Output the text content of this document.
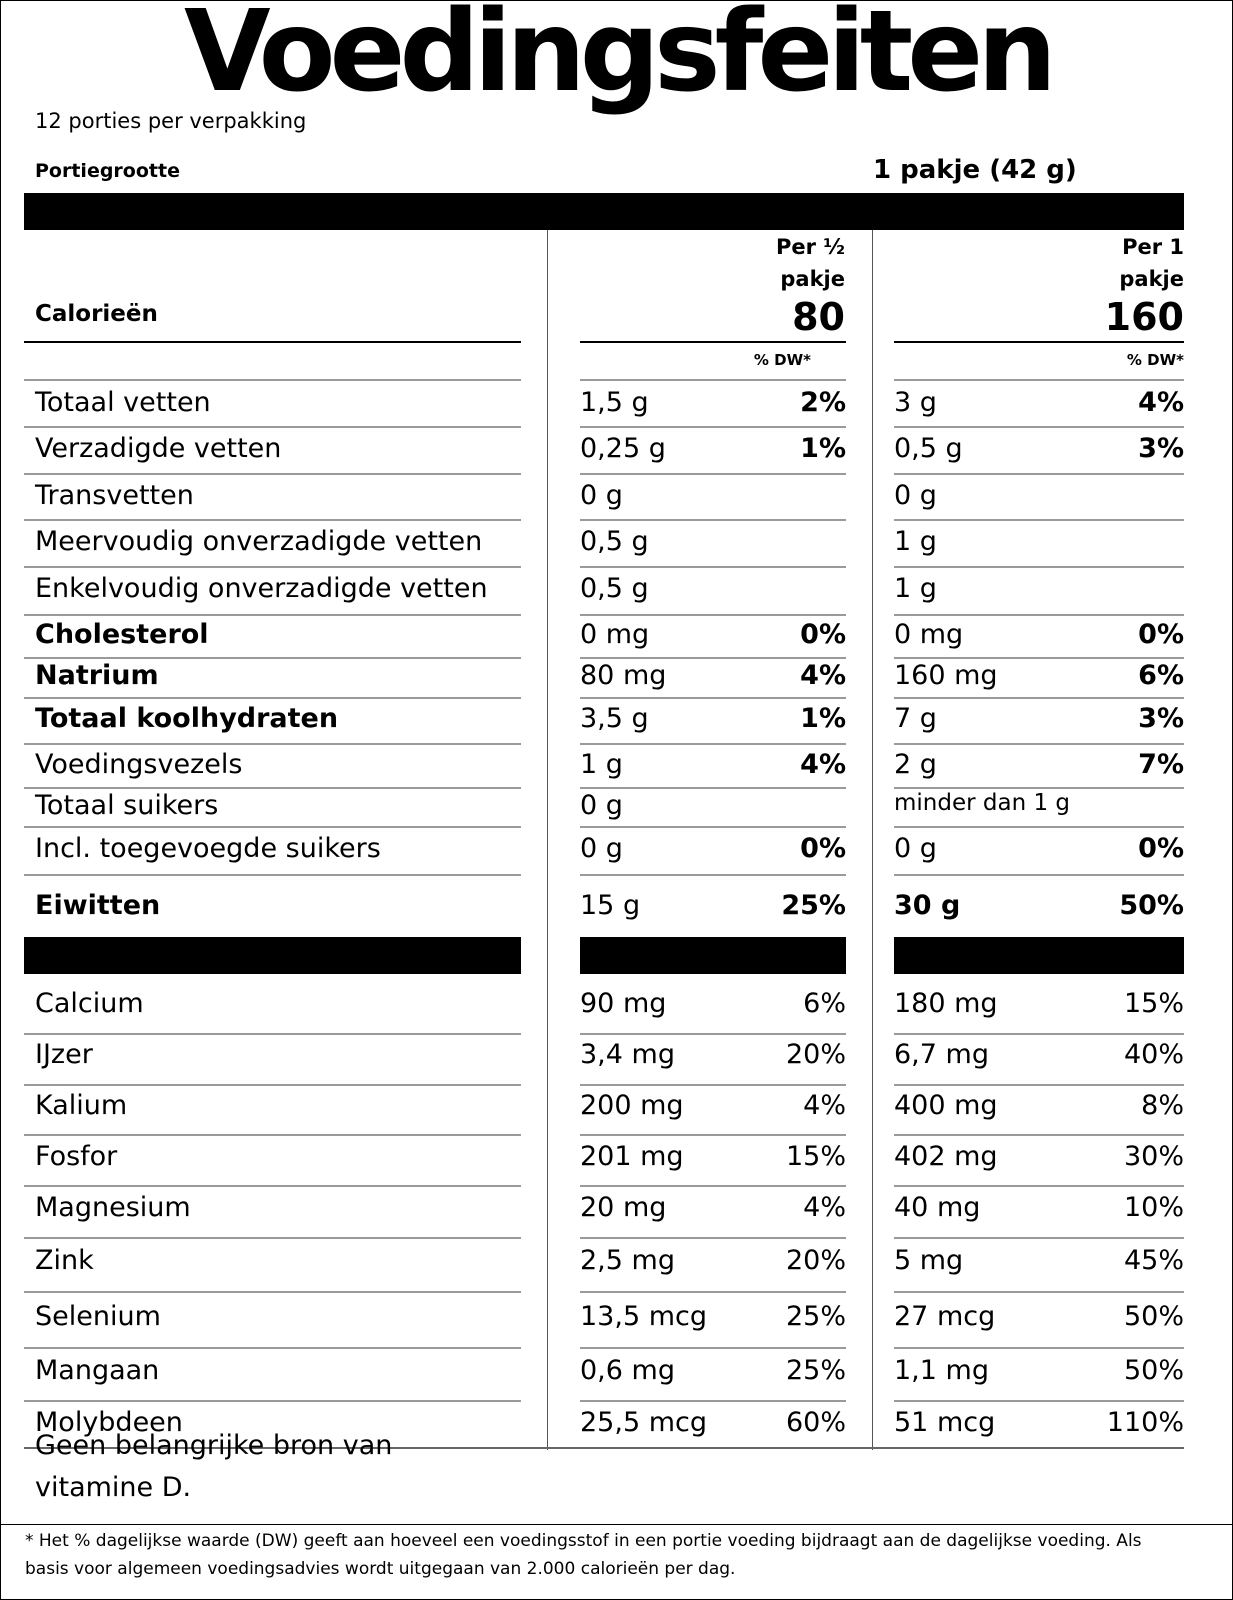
Voedingsfeiten
12 porties per verpakking
Portiegrootte	1 pakje (42 g)
Per ½
pakje
Per 1
pakje
Calorieën	80	160
% DW*	% DW*
Totaal vetten	1,5 g	2% 3 g	4%
Verzadigde vetten	0,25 g	1% 0,5 g	3%
Transvetten	0 g	0 g
Meervoudig onverzadigde vetten	0,5 g	1 g
Enkelvoudig onverzadigde vetten	0,5 g	1 g
Cholesterol	0 mg	0% 0 mg	0%
Natrium	80 mg	4% 160 mg	6%
Totaal koolhydraten	3,5 g	1% 7 g	3%
Voedingsvezels	1 g	4% 2 g	7%
Totaal suikers	0 g	minder dan 1 g
Incl. toegevoegde suikers	0 g	0% 0 g	0%
Eiwitten	15 g	25% 30 g	50%
Calcium	90 mg	6% 180 mg	15%
IJzer	3,4 mg	20% 6,7 mg	40%
Kalium	200 mg	4% 400 mg	8%
Fosfor	201 mg	15% 402 mg	30%
Magnesium	20 mg	4% 40 mg	10%
Zink	2,5 mg	20% 5 mg	45%
Selenium	13,5 mcg	25% 27 mcg	50%
Mangaan	0,6 mg	25% 1,1 mg	50%
Molybdeen	25,5 mcg	60% 51 mcg	110%
Geen belangrijke bron van
vitamine D.
* Het % dagelijkse waarde (DW) geeft aan hoeveel een voedingsstof in een portie voeding bijdraagt aan de dagelijkse voeding. Als
basis voor algemeen voedingsadvies wordt uitgegaan van 2.000 calorieën per dag.
